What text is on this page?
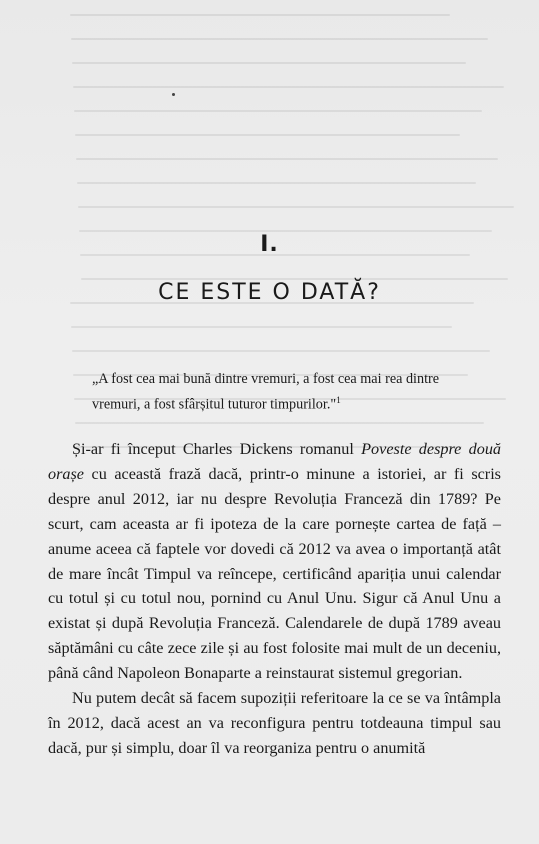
I.
CE ESTE O DATĂ?
„A fost cea mai bună dintre vremuri, a fost cea mai rea dintre vremuri, a fost sfârșitul tuturor timpurilor."$^1$

Și-ar fi început Charles Dickens romanul Poveste despre două orașe cu această frază dacă, printr-o minune a istoriei, ar fi scris despre anul 2012, iar nu despre Revoluția Franceză din 1789? Pe scurt, cam aceasta ar fi ipoteza de la care pornește cartea de față – anume aceea că faptele vor dovedi că 2012 va avea o importanță atât de mare încât Timpul va reîncepe, certificând apariția unui calendar cu totul și cu totul nou, pornind cu Anul Unu. Sigur că Anul Unu a existat și după Revoluția Franceză. Calendarele de după 1789 aveau săptămâni cu câte zece zile și au fost folosite mai mult de un deceniu, până când Napoleon Bonaparte a reinstaurat sistemul gregorian.

Nu putem decât să facem supoziții referitoare la ce se va întâmpla în 2012, dacă acest an va reconfigura pentru totdeauna timpul sau dacă, pur și simplu, doar îl va reorganiza pentru o anumită
